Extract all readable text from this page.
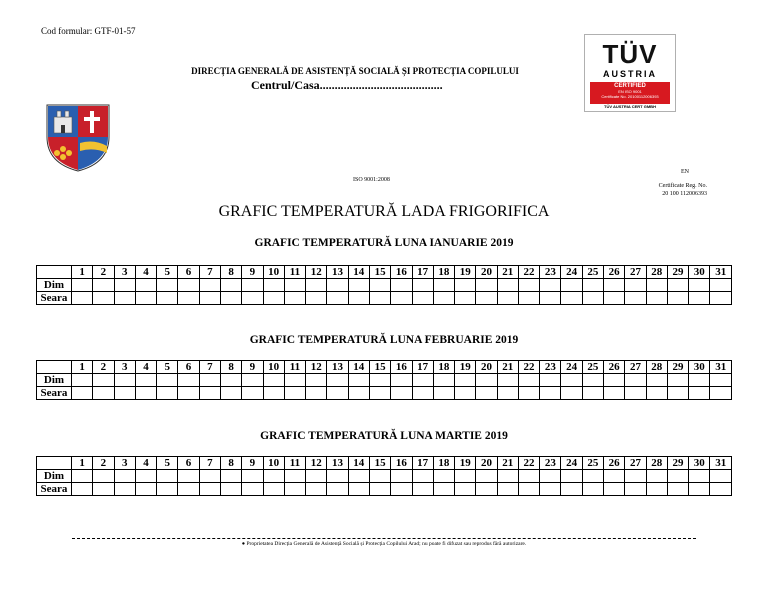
Cod formular: GTF-01-57
DIRECȚIA GENERALĂ DE ASISTENȚĂ SOCIALĂ ȘI PROTECȚIA COPILULUI
Centrul/Casa.........................................
TÜV
AUSTRIA
CERTIFIED
EN ISO 9001
Certificate No. 20100112006393
TÜV AUSTRIA CERT GMBH
EN
ISO 9001:2008
Certificate Reg. No.
20 100 112006393
GRAFIC TEMPERATURĂ LADA FRIGORIFICA
GRAFIC TEMPERATURĂ LUNA IANUARIE 2019
	1	2	3	4	5	6	7	8	9	10	11	12	13	14	15	16	17	18	19	20	21	22	23	24	25	26	27	28	29	30	31
Dim																															
Seara																															
GRAFIC TEMPERATURĂ LUNA FEBRUARIE 2019
	1	2	3	4	5	6	7	8	9	10	11	12	13	14	15	16	17	18	19	20	21	22	23	24	25	26	27	28	29	30	31
Dim																															
Seara																															
GRAFIC TEMPERATURĂ LUNA MARTIE 2019
	1	2	3	4	5	6	7	8	9	10	11	12	13	14	15	16	17	18	19	20	21	22	23	24	25	26	27	28	29	30	31
Dim																															
Seara																															
● Proprietatea Direcția Generală de Asistență Socială și Protecția Copilului Arad; nu poate fi difuzat sau reprodus fără autorizare.
